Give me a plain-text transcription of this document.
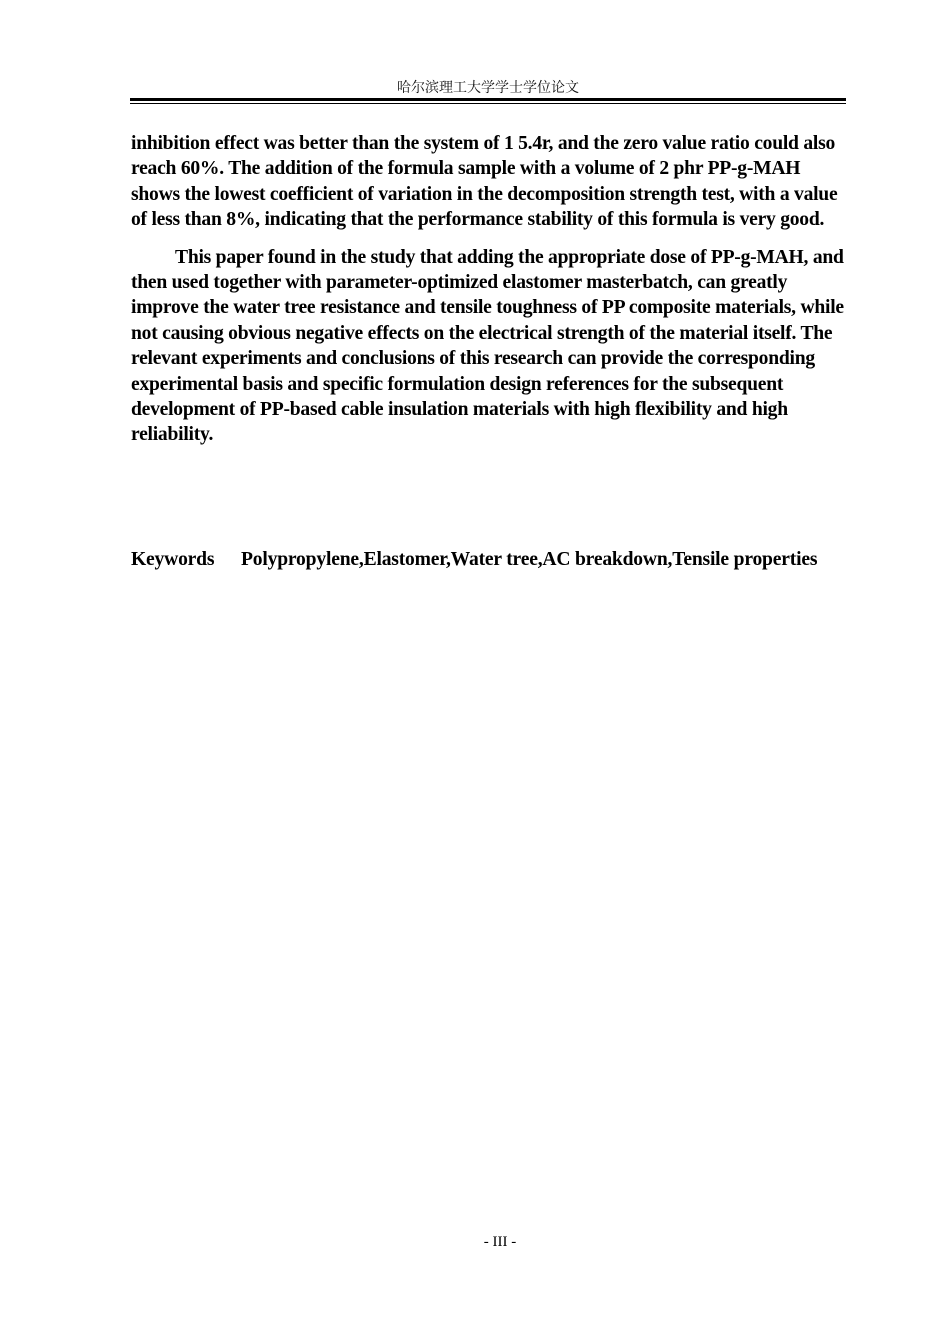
哈尔滨理工大学学士学位论文

inhibition effect was better than the system of 1 5.4r, and the zero value ratio could also reach 60%. The addition of the formula sample with a volume of 2 phr PP-g-MAH shows the lowest coefficient of variation in the decomposition strength test, with a value of less than 8%, indicating that the performance stability of this formula is very good.

This paper found in the study that adding the appropriate dose of PP-g-MAH, and then used together with parameter-optimized elastomer masterbatch, can greatly improve the water tree resistance and tensile toughness of PP composite materials, while not causing obvious negative effects on the electrical strength of the material itself. The relevant experiments and conclusions of this research can provide the corresponding experimental basis and specific formulation design references for the subsequent development of PP-based cable insulation materials with high flexibility and high reliability.

Keywords Polypropylene,Elastomer,Water tree,AC breakdown,Tensile properties
- III -
